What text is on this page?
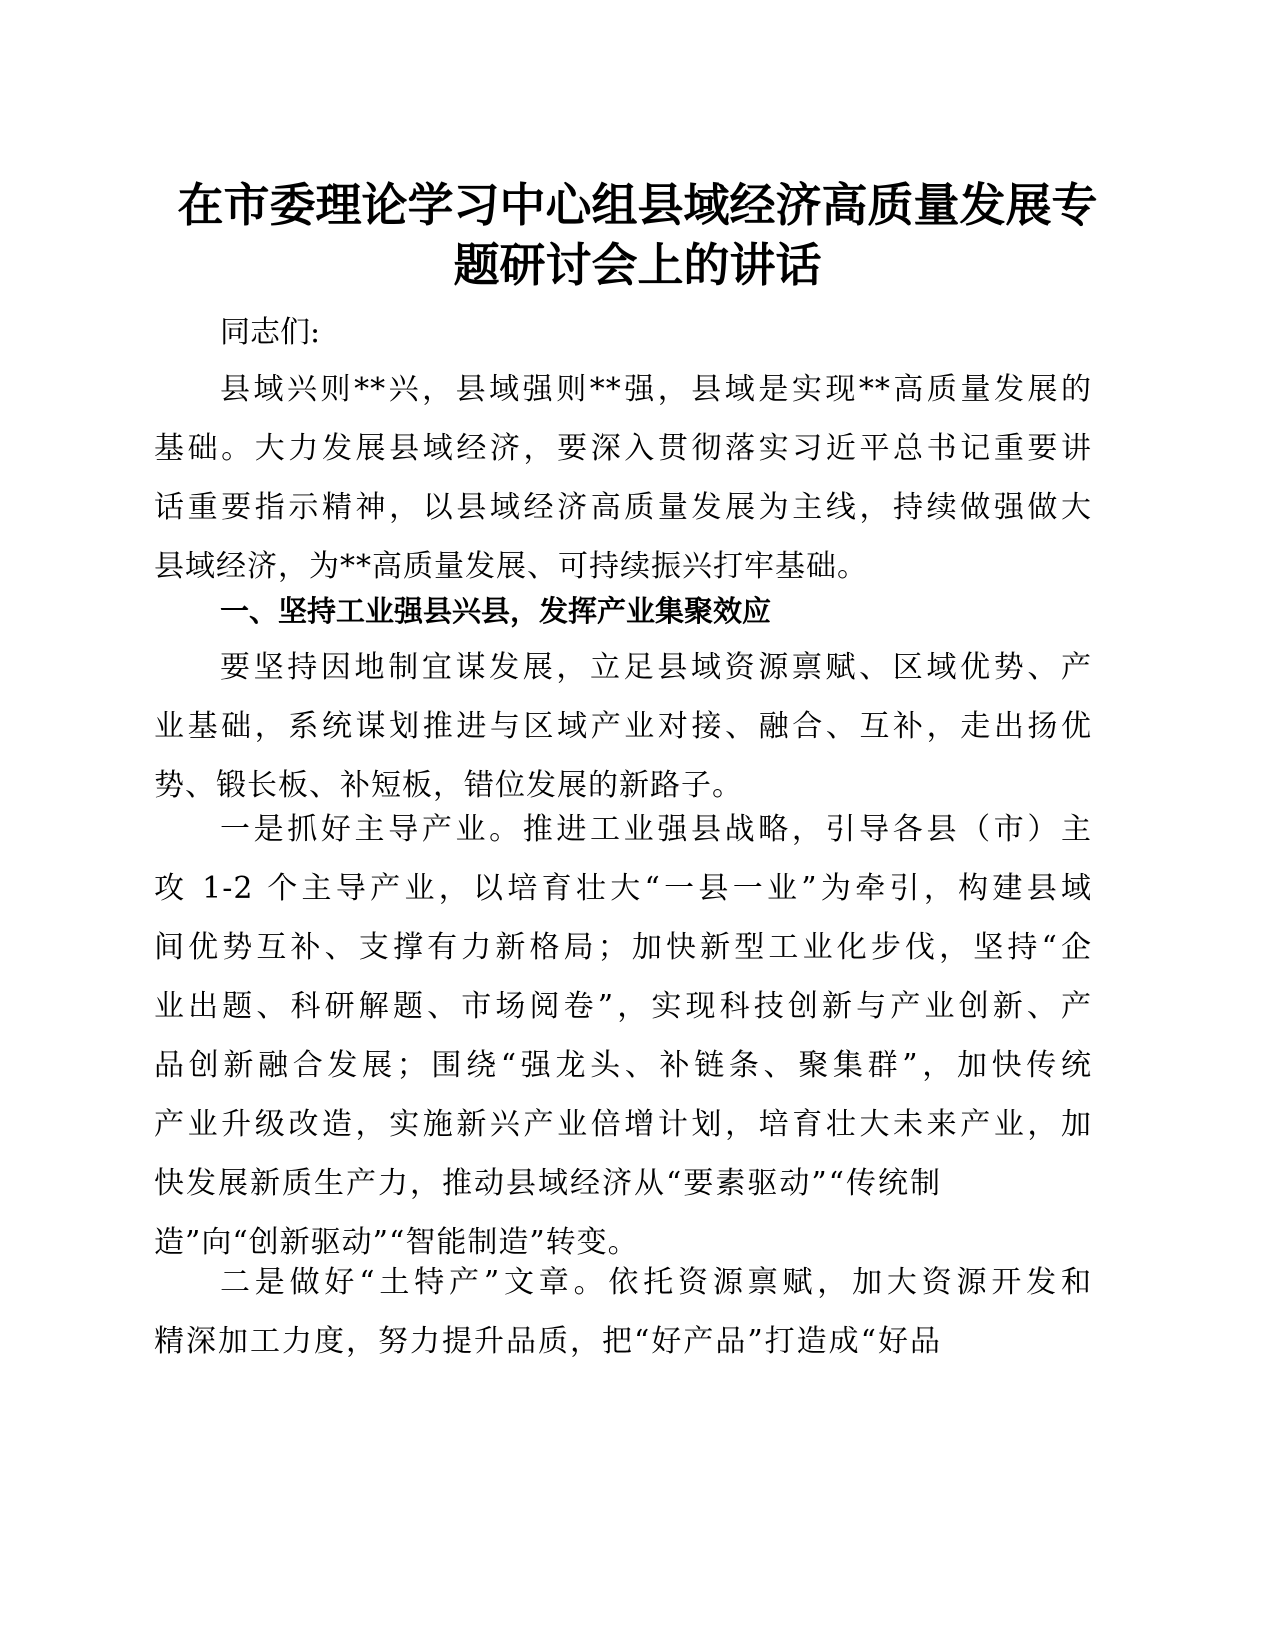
在市委理论学习中心组县域经济高质量发展专
题研讨会上的讲话

同志们:

县域兴则**兴，县域强则**强，县域是实现**高质量发展的
基础。大力发展县域经济，要深入贯彻落实习近平总书记重要讲
话重要指示精神，以县域经济高质量发展为主线，持续做强做大
县域经济，为**高质量发展、可持续振兴打牢基础。
一、坚持工业强县兴县，发挥产业集聚效应
要坚持因地制宜谋发展，立足县域资源禀赋、区域优势、产
业基础，系统谋划推进与区域产业对接、融合、互补，走出扬优
势、锻长板、补短板，错位发展的新路子。
一是抓好主导产业。推进工业强县战略，引导各县（市）主
攻 1-2 个主导产业，以培育壮大“一县一业”为牵引，构建县域
间优势互补、支撑有力新格局；加快新型工业化步伐，坚持“企
业出题、科研解题、市场阅卷”，实现科技创新与产业创新、产
品创新融合发展；围绕“强龙头、补链条、聚集群”，加快传统
产业升级改造，实施新兴产业倍增计划，培育壮大未来产业，加
快发展新质生产力，推动县域经济从“要素驱动”“传统制
造”向“创新驱动”“智能制造”转变。
二是做好“土特产”文章。依托资源禀赋，加大资源开发和
精深加工力度，努力提升品质，把“好产品”打造成“好品
